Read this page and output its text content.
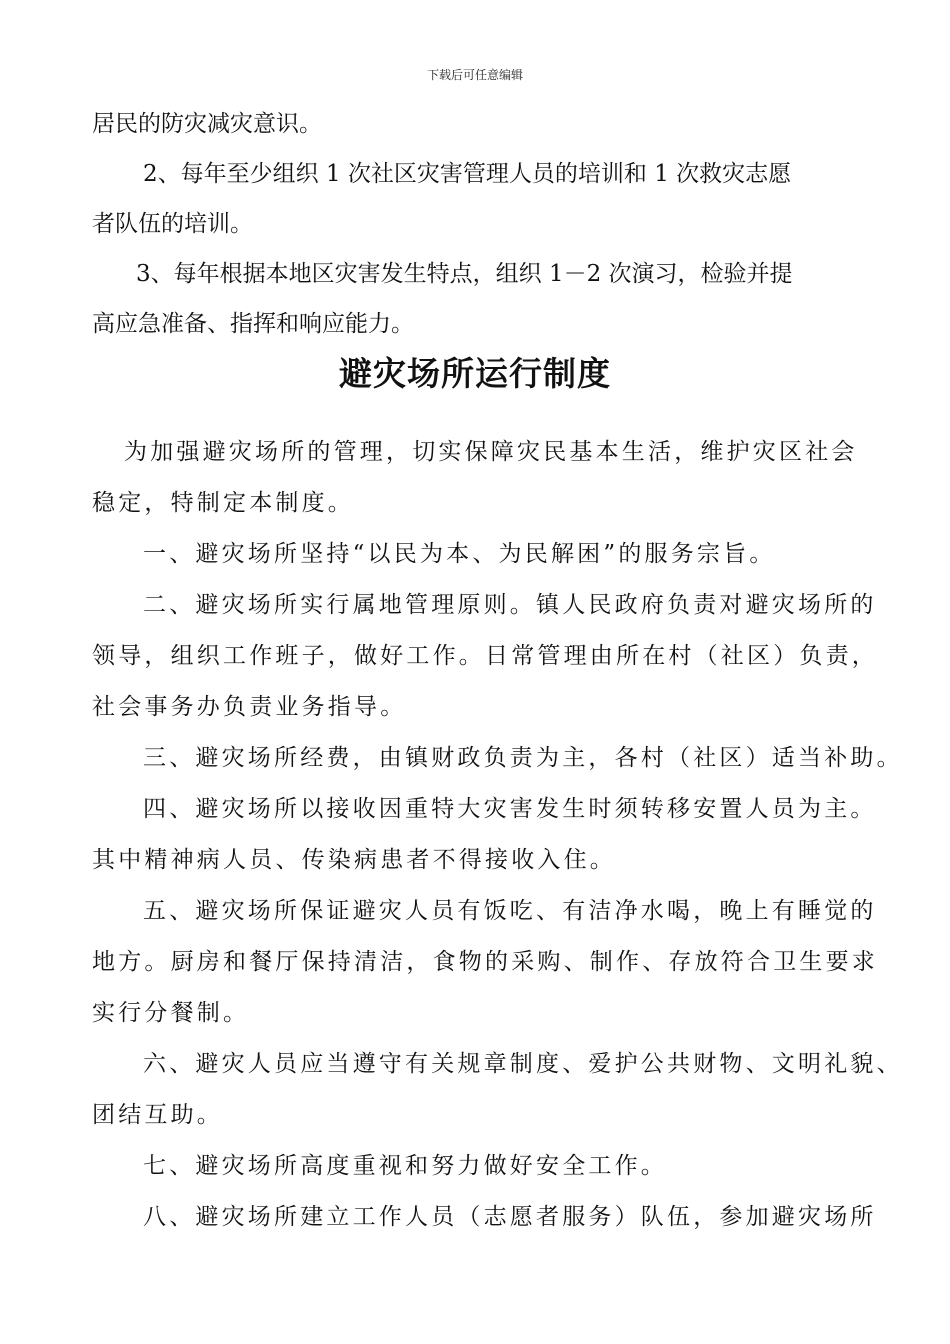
下载后可任意编辑
居民的防灾减灾意识。
2、每年至少组织 1 次社区灾害管理人员的培训和 1 次救灾志愿
者队伍的培训。
3、每年根据本地区灾害发生特点，组织 1－2 次演习，检验并提
高应急准备、指挥和响应能力。
避灾场所运行制度
为加强避灾场所的管理，切实保障灾民基本生活，维护灾区社会
稳定，特制定本制度。
一、避灾场所坚持“以民为本、为民解困”的服务宗旨。
二、避灾场所实行属地管理原则。镇人民政府负责对避灾场所的
领导，组织工作班子，做好工作。日常管理由所在村（社区）负责，
社会事务办负责业务指导。
三、避灾场所经费，由镇财政负责为主，各村（社区）适当补助。
四、避灾场所以接收因重特大灾害发生时须转移安置人员为主。
其中精神病人员、传染病患者不得接收入住。
五、避灾场所保证避灾人员有饭吃、有洁净水喝，晚上有睡觉的
地方。厨房和餐厅保持清洁，食物的采购、制作、存放符合卫生要求
实行分餐制。
六、避灾人员应当遵守有关规章制度、爱护公共财物、文明礼貌、
团结互助。
七、避灾场所高度重视和努力做好安全工作。
八、避灾场所建立工作人员（志愿者服务）队伍，参加避灾场所
